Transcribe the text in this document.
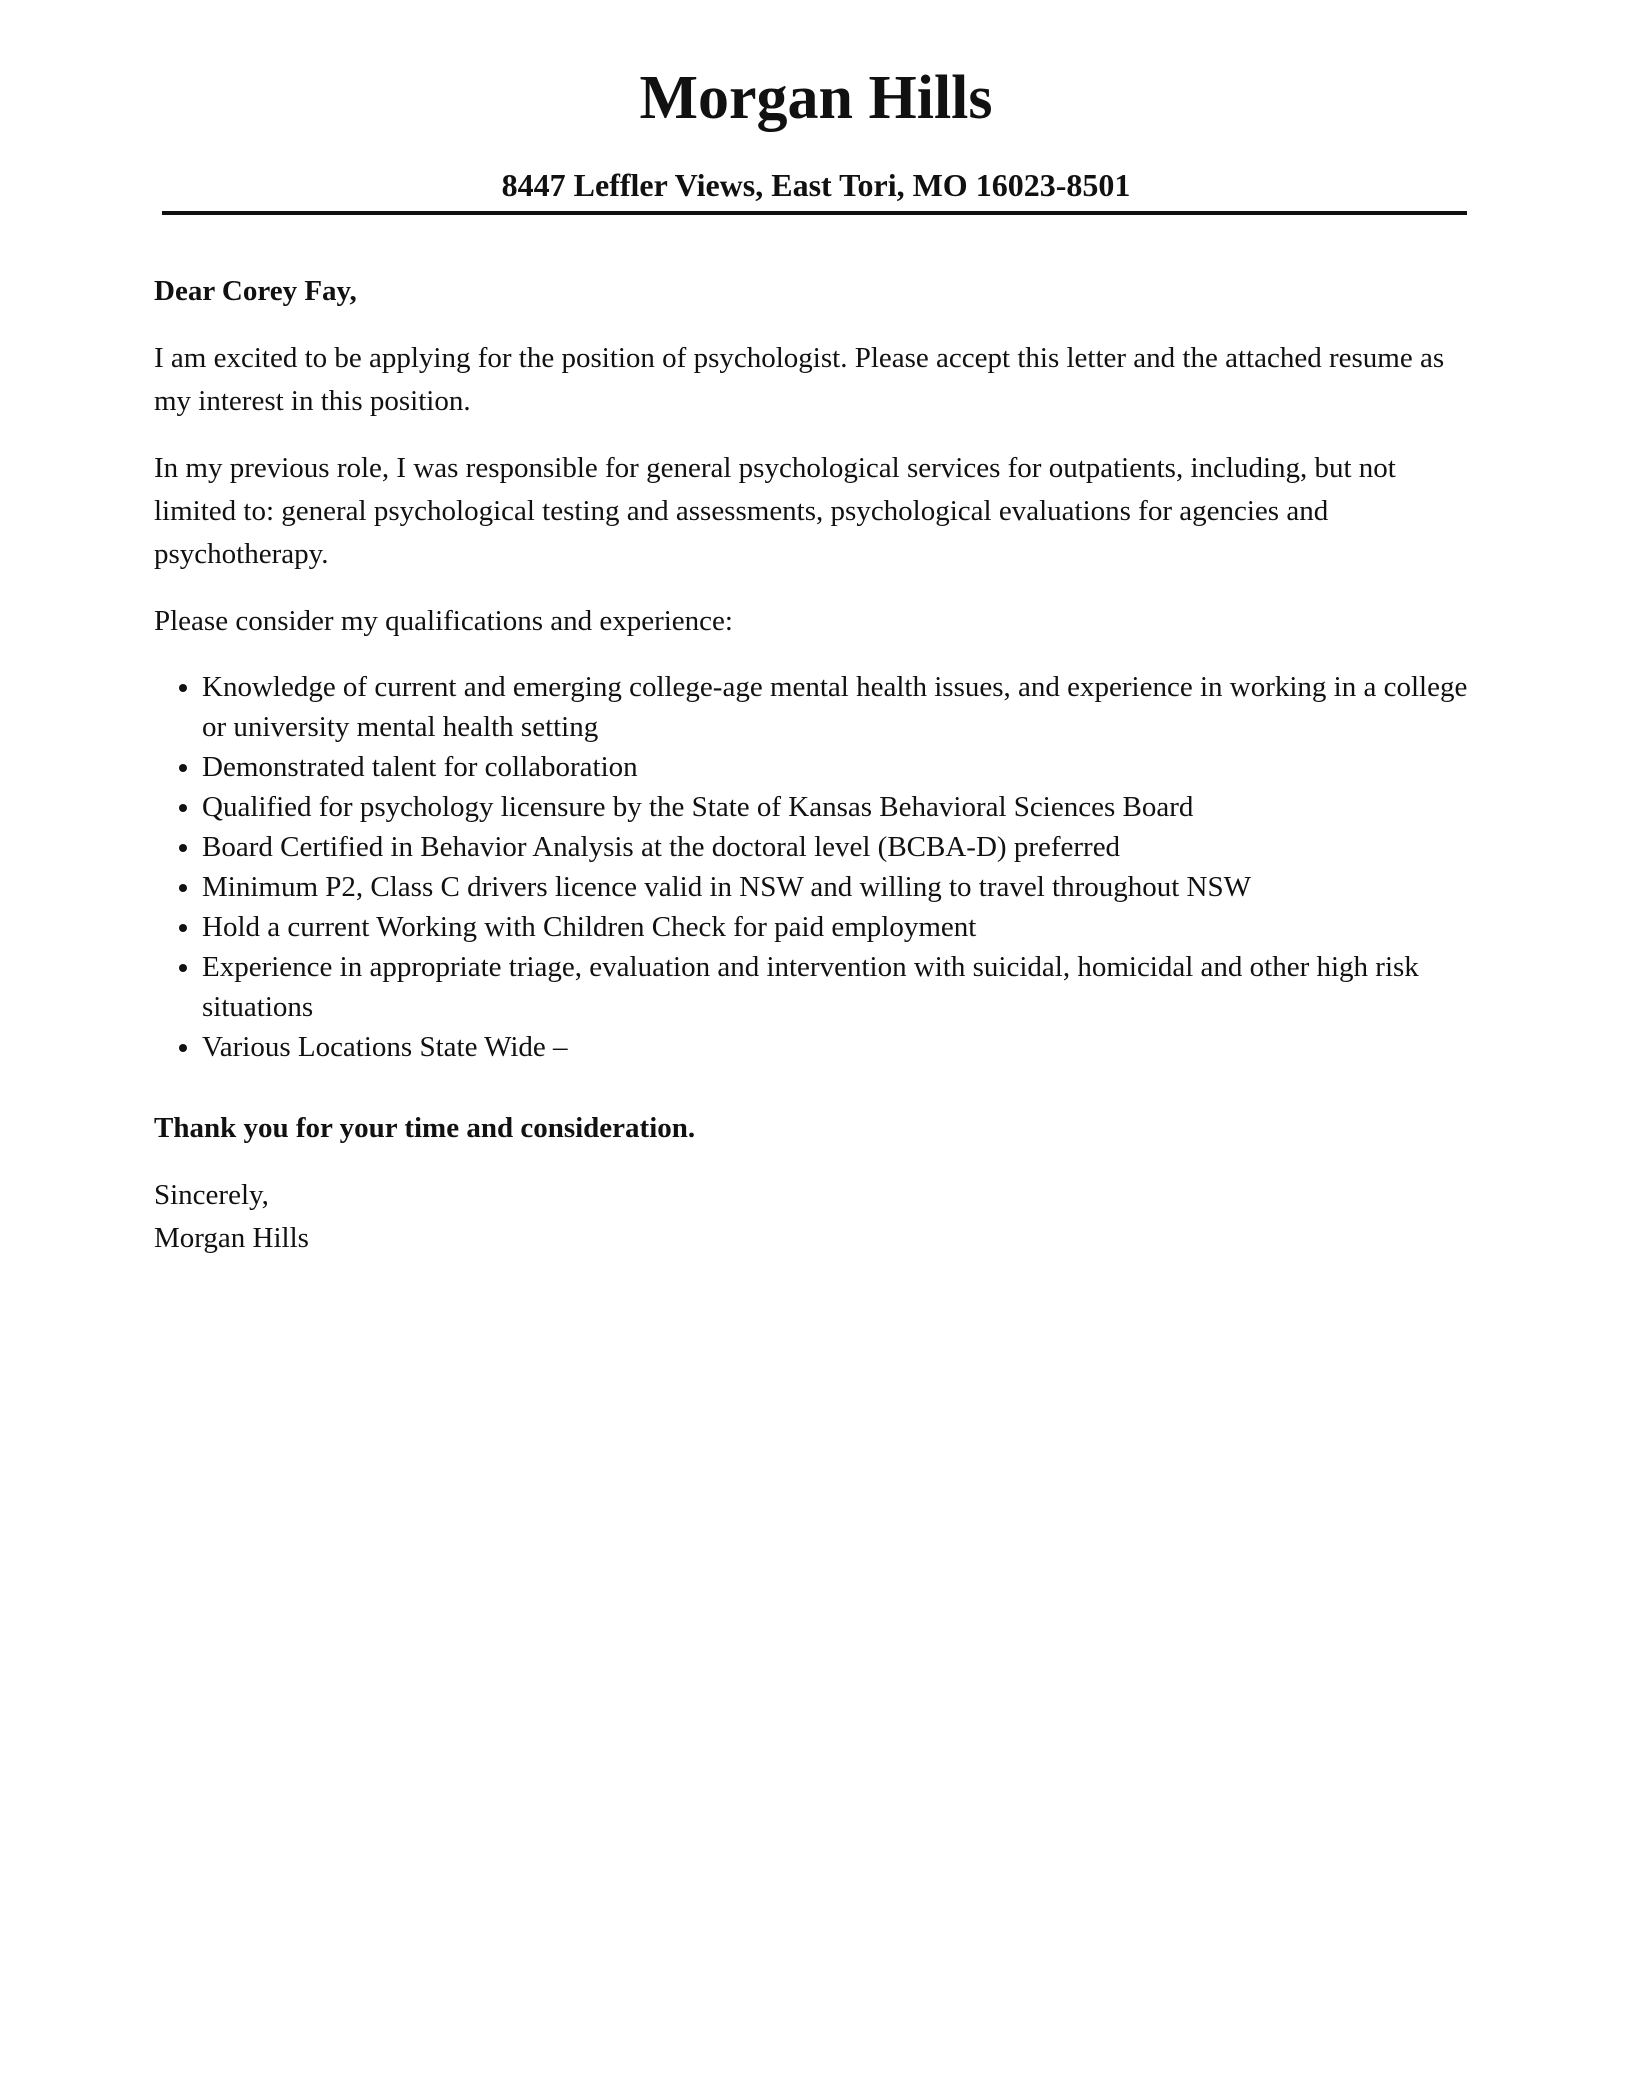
Morgan Hills
8447 Leffler Views, East Tori, MO 16023-8501

Dear Corey Fay,

I am excited to be applying for the position of psychologist. Please accept this letter and the attached resume as my interest in this position.

In my previous role, I was responsible for general psychological services for outpatients, including, but not limited to: general psychological testing and assessments, psychological evaluations for agencies and psychotherapy.

Please consider my qualifications and experience:

• Knowledge of current and emerging college-age mental health issues, and experience in working in a college or university mental health setting
• Demonstrated talent for collaboration
• Qualified for psychology licensure by the State of Kansas Behavioral Sciences Board
• Board Certified in Behavior Analysis at the doctoral level (BCBA-D) preferred
• Minimum P2, Class C drivers licence valid in NSW and willing to travel throughout NSW
• Hold a current Working with Children Check for paid employment
• Experience in appropriate triage, evaluation and intervention with suicidal, homicidal and other high risk situations
• Various Locations State Wide –

Thank you for your time and consideration.

Sincerely,

Morgan Hills
